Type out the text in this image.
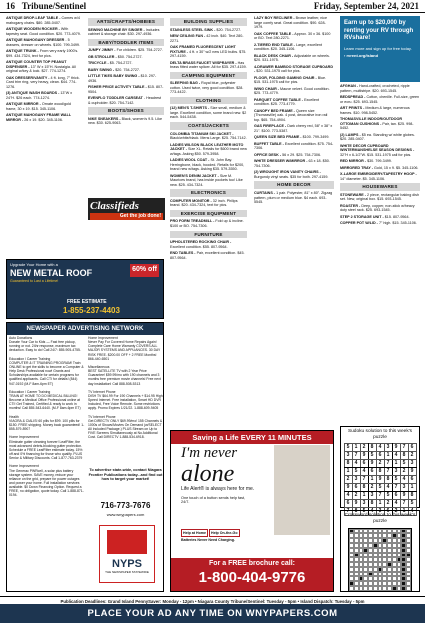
16 Tribune/Sentinel	Friday, September 24, 2021
ANTIQUE DROP-LEAF TABLE - Comes w/4 mahogany chairs. $80. 285-0407.
ANTIQUE WOODEN ROCKER - With tapestry seat. Good condition. $20. 773-4079.
ANTIQUE MAHOGANY DRESSER - 5 drawers, dresser on wheels. $100. 799-3499.
ANTIQUE TRUNK - From very early 1900's. $99. 434-7324, text for pics.
ANTIQUE COUNTER TOP PEANUT DISPENSER - 13" W x 15"H. Nostalgia. All original w/key & lock. $27. 774-1274.
OAK DRESSER/VANITY - 4 ft. long, 7" thick. Card trim ring, very heavy, clean. $44. 774-1276.
(3) ANTIQUE WASH BOARDS - 13"W x 24"H. $26 each. 774-1274.
ANTIQUE MIRROR - Ornate wood/gold frame, 30 x 19. $15. 345-1106.
ANTIQUE MAHOGANY FRAME WALL MIRROR - 26 x 19. $20. 345-1106.
ARTS/CRAFTS/HOBBIES
SEWING MACHINE BY SINGER - Includes cabinet & storage chair. $30. 297-4936.
BABY/TODDLER ITEMS
JUMPY JIMMY - For children. $25. 754-2727.
GB STROLLER - $50. 754-2727.
TRICYCLE - $5. 754-2727.
BABY SWING - $20. 754-2727.
LITTLE TIKES BABY SWING - $10. 297-4936.
FISHER PRICE ACTIVITY TABLE - $15. 807-9504.
EVENFLO TODDLER CARSEAT - Headrest & cupholder. $20. 754-7142.
BOOTS/SHOES
NIKE SNEAKERS - Black, women's 9.5. Like new. $30. 625-9063.
BUILDING SUPPLIES
STAINLESS STEEL SINK - $20. 754-2727.
NEW CEILING FAN - 42 inch. $40. Text 280-2271.
OAK FRAMED FLUORESCENT LIGHT FIXTURE - 4 ft. x 30" w/2 new LED bulbs. $75. 297-4159.
DELTA BRASS FAUCET W/SPRAYER - Has brass fitted water splicer. All for $35. 297-4159.
CAMPING EQUIPMENT
SLEEPING BAG - Royal blue, polyester cotton. Used twice, very good condition. $28. 773-4422.
CLOTHING
(12) MEN'S T-SHIRTS - Size small, medium & large. Excellent condition, some brand new. $2 each. 544-5438.
COATS/JACKETS
COLOMBIA TITANIUM SKI JACKET - Black/white/black. Mens Large. $25. 754-7142.
LADIES WILSON BLACK LEATHER MOTO JACKET - Size XL. Retails for $600 brand new w/tags. Asking $50. 579-3958.
LADIES WOOL COAT - St. John Bay. Herringbone, black, hooded. Retails for $200, brand new w/tags. Asking $35. 579-3550.
WOMEN'S DENIM JACKET - Size M. Maurices brand, has inside pockets too! Like new. $25. 434-7324.
ELECTRONICS
COMPUTER MONITOR - 32 inch. Philips brand. $20. 434-7324, text for pics.
EXERCISE EQUIPMENT
PRO FORM TREADMILL - Fold up & incline. $100 or BO. 754-7306.
FURNITURE
UPHOLSTERED ROCKING CHAIR - Excellent condition. $55. 807-9564.
END TABLES - Pair, excellent condition. $45. 807-9564.
LAZY BOY RECLINER - Brown leather, nice large comfy seat. Great condition. $90. 628-1979.
OAK COFFEE TABLE - Approx. 30 x 36. $100 or BO. Text 280-2271.
2-TIERED END TABLE - Large, excellent condition. $20. 345-1106.
BLACK DESK CHAIR - Adjustable on wheels. $20. 531-1975.
4-DRAWER BAMBOO STORAGE CUPBOARD - $20. 531-1975 call for pics.
FLOOR, FOLDING GAMING CHAIR - Blue. $15. 531-1975 call for pics.
WING CHAIR - Mauve velvet. Good condition. $25. 773-4779.
PARQUET COFFEE TABLE - Excellent condition. $25. 773-4779.
CANOPY BED FRAME - Queen size (Thomasville) oak. 4 post, decorative iron rail top. $65. 754-4904.
GAS FIREPLACE - Dark cherry red, 58" x 38" x 21". $100. 773-5387.
QUEEN SIZE BED FRAME - $100. 799-3499.
BUFFET TABLE - Excellent condition. $75. 754-7306.
OFFICE DESK - 56 x 29. $25. 754-7306.
WHITE DRESSER W/MIRROR - 63 x 18. $50. 754-7306.
(2) WROUGHT IRON VANITY CHAIRS - Burgundy vinyl seats. $35 for both. 297-4159.
HOME DECOR
CURTAINS - 1 pair. Polyester, 81" x 80". Zigzag pattern, plum or medium blue. $4 each. 693-5545.
AFGHAN - Hand-crafted, crocheted, ripple pattern, multistripe. $20. 693-1545.
BEDSPREAD - Cotton, chenille. Full-size, green or ecru. $25. 693-1545.
ART PRINTS - Medium & large, numerous frames. $10. 998-5452.
THOMASVILLE INDOOR/OUTDOOR OTTOMAN CUSHIONS - Pair, tan. $25. 998-5452.
(2) LAMPS - $5 ea. Standing w/ white globes. $20. 285-0407.
WHITE DECOR CUPBOARD WINTERMANSHELSE SEASON DESIGNS - 32"H x 6-1/2"W. $15. 531-1975 call for pics.
RED MIRROR - $30. 799-3499.
MIRRORED TRAY - Gold, 15 x 9. $5. 345-1106.
X-LARGE EMBROIDERY/TAPESTRY HOOP - 14" diameter. $5. 345-1106.
HOUSEWARES
STONEWARE - 2 piece, rectangular baking dish set. New, original box. $15. 693-1545.
ROASTER - Deep, copper, non-stick w/heavy duty steel rack. $25. 693-1545.
STEP 2 STORAGE UNIT - $15. 807-9564.
COPPER POT W/LID - 7" high. $15. 345-1106.
Earn up to $20,000 by renting your RV through RVshare!
Learn more and sign up for free today.
› rvrent.org/island
Classifieds
Get the job done!
Upgrade Your Home with a
NEW METAL ROOF
Guaranteed to Last a Lifetime!
60% off
FREE ESTIMATE
1-855-237-4403
NEWSPAPER ADVERTISING NETWORK
Auto Donations
Donate Your Car to Kids — Fast free pickup, running or not. 24hr response, maximum tax deduction. Easy to do! Call 24/7: 855-905-4755.

Education / Career Training
COMPUTER & IT TRAINING PROGRAM! Train ONLINE to get the skills to become a Computer & Help Desk Professional now! Grants and Scholarships available for certain programs for qualified applicants. Call CTI for details! (844) 947-0192 (M-F 8am-6pm ET)

Education / Career Training
TRAIN AT HOME TO DO MEDICAL BILLING! Become a Medical Office Professional online at CTI! Get Trained, Certified & ready to work in months! Call 855-543-6440. (M-F 8am-6pm ET)

Health
VIAGRA & CIALIS! 60 pills for $99. 100 pills for $150. FREE shipping. Money back guaranteed! 1-855-579-8907

Home Improvement
Eliminate gutter cleaning forever! LeafFilter, the most advanced debris-blocking gutter protection. Schedule a FREE LeafFilter estimate today. 15% off and 0% financing for those who qualify. PLUS Senior & Military Discounts. Call 1-877-763-2379

Home Improvement
The Generac PWRcell, a solar plus battery storage system. SAVE money, reduce your reliance on the grid, prepare for power outages and power your home. Full installation services available. $0 Down Financing Option. Request a FREE, no obligation, quote today. Call 1-888-871-0194.
Home Improvement
Never Pay For Covered Home Repairs Again! Complete Care Home Warranty COVERS ALL MAJOR SYSTEMS AND APPLIANCES. 30 DAY RISK FREE. $200.00 OFF + 2 FREE Months! 866-440-6501

Miscellaneous
BEST SATELLITE TV with 2 Year Price Guarantee! $59.99/mo with 190 channels and 3 months free premium movie channels! Free next day installation! Call 888-508-5313

TV Internet Phone
DISH TV $64.99 For 190 Channels + $14.95 High Speed Internet. Free installation, Smart HD DVR Included, Free Voice Remote. Some restrictions apply. Promo Expires 1/21/22. 1-888-609-9405

TV Internet Phone
Get DIRECTV ONLY $69.99/mo! 155 Channels & 1000s of Shows/Movies On Demand (w/SELECT All Included Package.) PLUS Stream on Up to FIVE Screens Simultaneously at No Additional Cost. Call DIRECTV 1-888-534-6918.
To advertise state-wide, contact Niagara Frontier Publications today...and find out how to target your market!
716-773-7676
www.wnypapers.com
NYPS
THE NEWSPAPER STATEWIDE
Saving a Life EVERY 11 MINUTES
I'm never
alone
Life Alert® is always here for me.
One touch of a button sends help fast, 24/7.
Help at Home Help On-the-Go
Batteries Never Need Charging.
For a FREE brochure call:
1-800-404-9776
Sudoku solution to this week's puzzle
5	1	2	8	4	3	9	7	6
3	7	9	5	6	1	4	8	2
8	4	6	9	2	7	1	5	3
1	5	4	6	8	7	3	2	9
2	3	7	1	9	8	5	4	6
9	6	8	2	5	4	7	3	1
4	2	1	3	7	5	6	9	8
6	9	3	8	1	2	4	7	5
7	8	5	4	3	6	2	1	4
Crossword solution to this week's puzzle
Publication Deadlines: Grand Island PennySaver: Monday - 12pm • Niagara County Tribune/Sentinel: Tuesday - 5pm • Island Dispatch: Tuesday - 5pm
PLACE YOUR AD ANY TIME ON WNYPAPERS.COM
